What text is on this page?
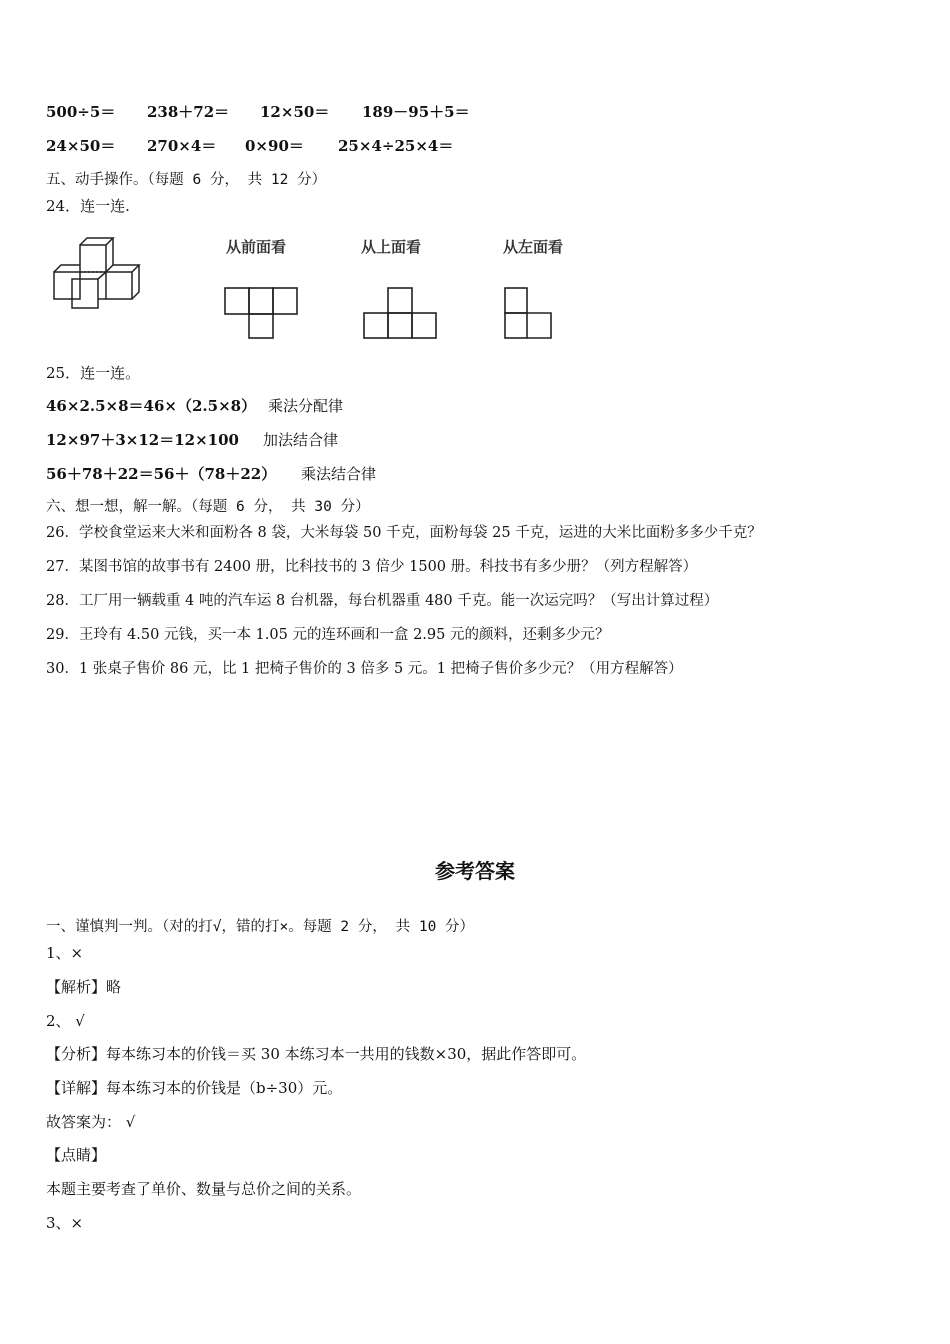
500÷5＝ 238＋72＝ 12×50＝ 189－95＋5＝
24×50＝ 270×4＝ 0×90＝ 25×4÷25×4＝
五、动手操作。（每题 6 分， 共 12 分）
24．连一连.
从前面看	从上面看	从左面看
25．连一连。
46×2.5×8＝46×（2.5×8） 乘法分配律
12×97＋3×12＝12×100 加法结合律
56＋78＋22＝56＋（78＋22） 乘法结合律
六、想一想，解一解。（每题 6 分， 共 30 分）
26．学校食堂运来大米和面粉各 8 袋，大米每袋 50 千克，面粉每袋 25 千克，运进的大米比面粉多多少千克？
27．某图书馆的故事书有 2400 册，比科技书的 3 倍少 1500 册。科技书有多少册？（列方程解答）
28．工厂用一辆载重 4 吨的汽车运 8 台机器，每台机器重 480 千克。能一次运完吗？（写出计算过程）
29．王玲有 4.50 元钱，买一本 1.05 元的连环画和一盒 2.95 元的颜料，还剩多少元？
30．1 张桌子售价 86 元，比 1 把椅子售价的 3 倍多 5 元。1 把椅子售价多少元？（用方程解答）
参考答案
一、谨慎判一判。（对的打√，错的打×。每题 2 分， 共 10 分）
1、×
【解析】略
2、 √
【分析】每本练习本的价钱＝买 30 本练习本一共用的钱数×30，据此作答即可。
【详解】每本练习本的价钱是（b÷30）元。
故答案为： √
【点睛】
本题主要考查了单价、数量与总价之间的关系。
3、×
